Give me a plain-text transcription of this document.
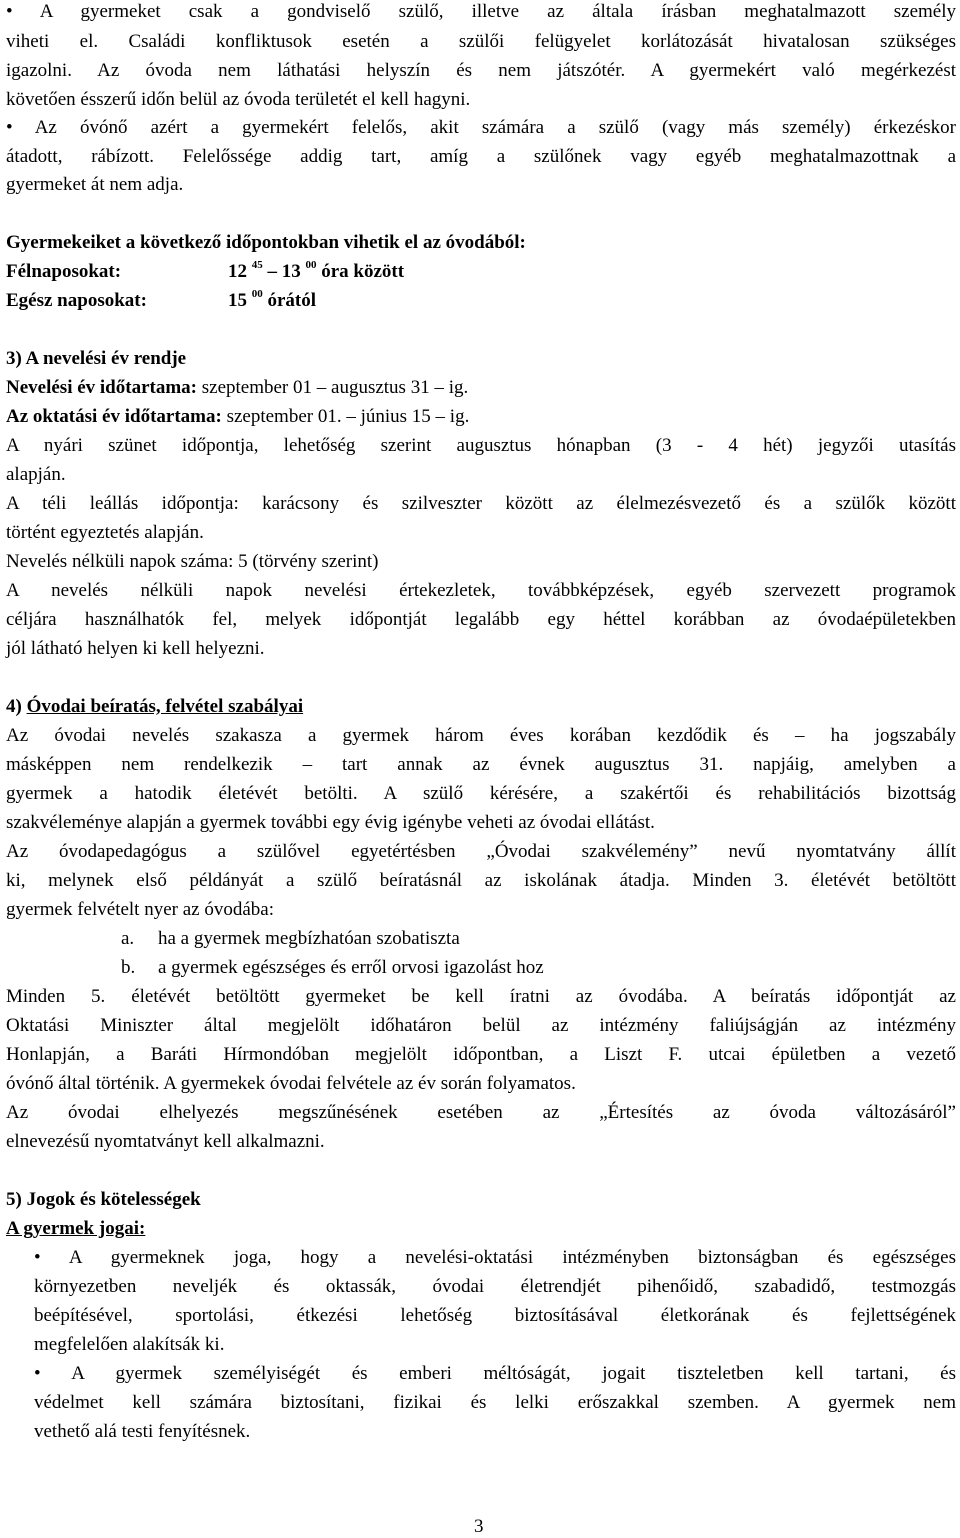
• A gyermeket csak a gondviselő szülő, illetve az általa írásban meghatalmazott személy
viheti el. Családi konfliktusok esetén a szülői felügyelet korlátozását hivatalosan szükséges
igazolni. Az óvoda nem láthatási helyszín és nem játszótér. A gyermekért való megérkezést
követően ésszerű időn belül az óvoda területét el kell hagyni.
• Az óvónő azért a gyermekért felelős, akit számára a szülő (vagy más személy) érkezéskor
átadott, rábízott. Felelőssége addig tart, amíg a szülőnek vagy egyéb meghatalmazottnak a
gyermeket át nem adja.
Gyermekeiket a következő időpontokban vihetik el az óvodából:
Félnaposokat:	12 $^{45}$ – 13 $^{00}$ óra között
Egész naposokat:	15 $^{00}$ órától
3) A nevelési év rendje
Nevelési év időtartama: szeptember 01 – augusztus 31 – ig.
Az oktatási év időtartama: szeptember 01. – június 15 – ig.
A nyári szünet időpontja, lehetőség szerint augusztus hónapban (3 - 4 hét) jegyzői utasítás
alapján.
A téli leállás időpontja: karácsony és szilveszter között az élelmezésvezető és a szülők között
történt egyeztetés alapján.
Nevelés nélküli napok száma: 5 (törvény szerint)
A nevelés nélküli napok nevelési értekezletek, továbbképzések, egyéb szervezett programok
céljára használhatók fel, melyek időpontját legalább egy héttel korábban az óvodaépületekben
jól látható helyen ki kell helyezni.
4) Óvodai beíratás, felvétel szabályai
Az óvodai nevelés szakasza a gyermek három éves korában kezdődik és – ha jogszabály
másképpen nem rendelkezik – tart annak az évnek augusztus 31. napjáig, amelyben a
gyermek a hatodik életévét betölti. A szülő kérésére, a szakértői és rehabilitációs bizottság
szakvéleménye alapján a gyermek további egy évig igénybe veheti az óvodai ellátást.
Az óvodapedagógus a szülővel egyetértésben „Óvodai szakvélemény” nevű nyomtatvány állít
ki, melynek első példányát a szülő beíratásnál az iskolának átadja. Minden 3. életévét betöltött
gyermek felvételt nyer az óvodába:
a. ha a gyermek megbízhatóan szobatiszta
b. a gyermek egészséges és erről orvosi igazolást hoz
Minden 5. életévét betöltött gyermeket be kell íratni az óvodába. A beíratás időpontját az
Oktatási Miniszter által megjelölt időhatáron belül az intézmény faliújságján az intézmény
Honlapján, a Baráti Hírmondóban megjelölt időpontban, a Liszt F. utcai épületben a vezető
óvónő által történik. A gyermekek óvodai felvétele az év során folyamatos.
Az óvodai elhelyezés megszűnésének esetében az „Értesítés az óvoda változásáról”
elnevezésű nyomtatványt kell alkalmazni.
5) Jogok és kötelességek
A gyermek jogai:
• A gyermeknek joga, hogy a nevelési-oktatási intézményben biztonságban és egészséges
környezetben neveljék és oktassák, óvodai életrendjét pihenőidő, szabadidő, testmozgás
beépítésével, sportolási, étkezési lehetőség biztosításával életkorának és fejlettségének
megfelelően alakítsák ki.
• A gyermek személyiségét és emberi méltóságát, jogait tiszteletben kell tartani, és
védelmet kell számára biztosítani, fizikai és lelki erőszakkal szemben. A gyermek nem
vethető alá testi fenyítésnek.
3
